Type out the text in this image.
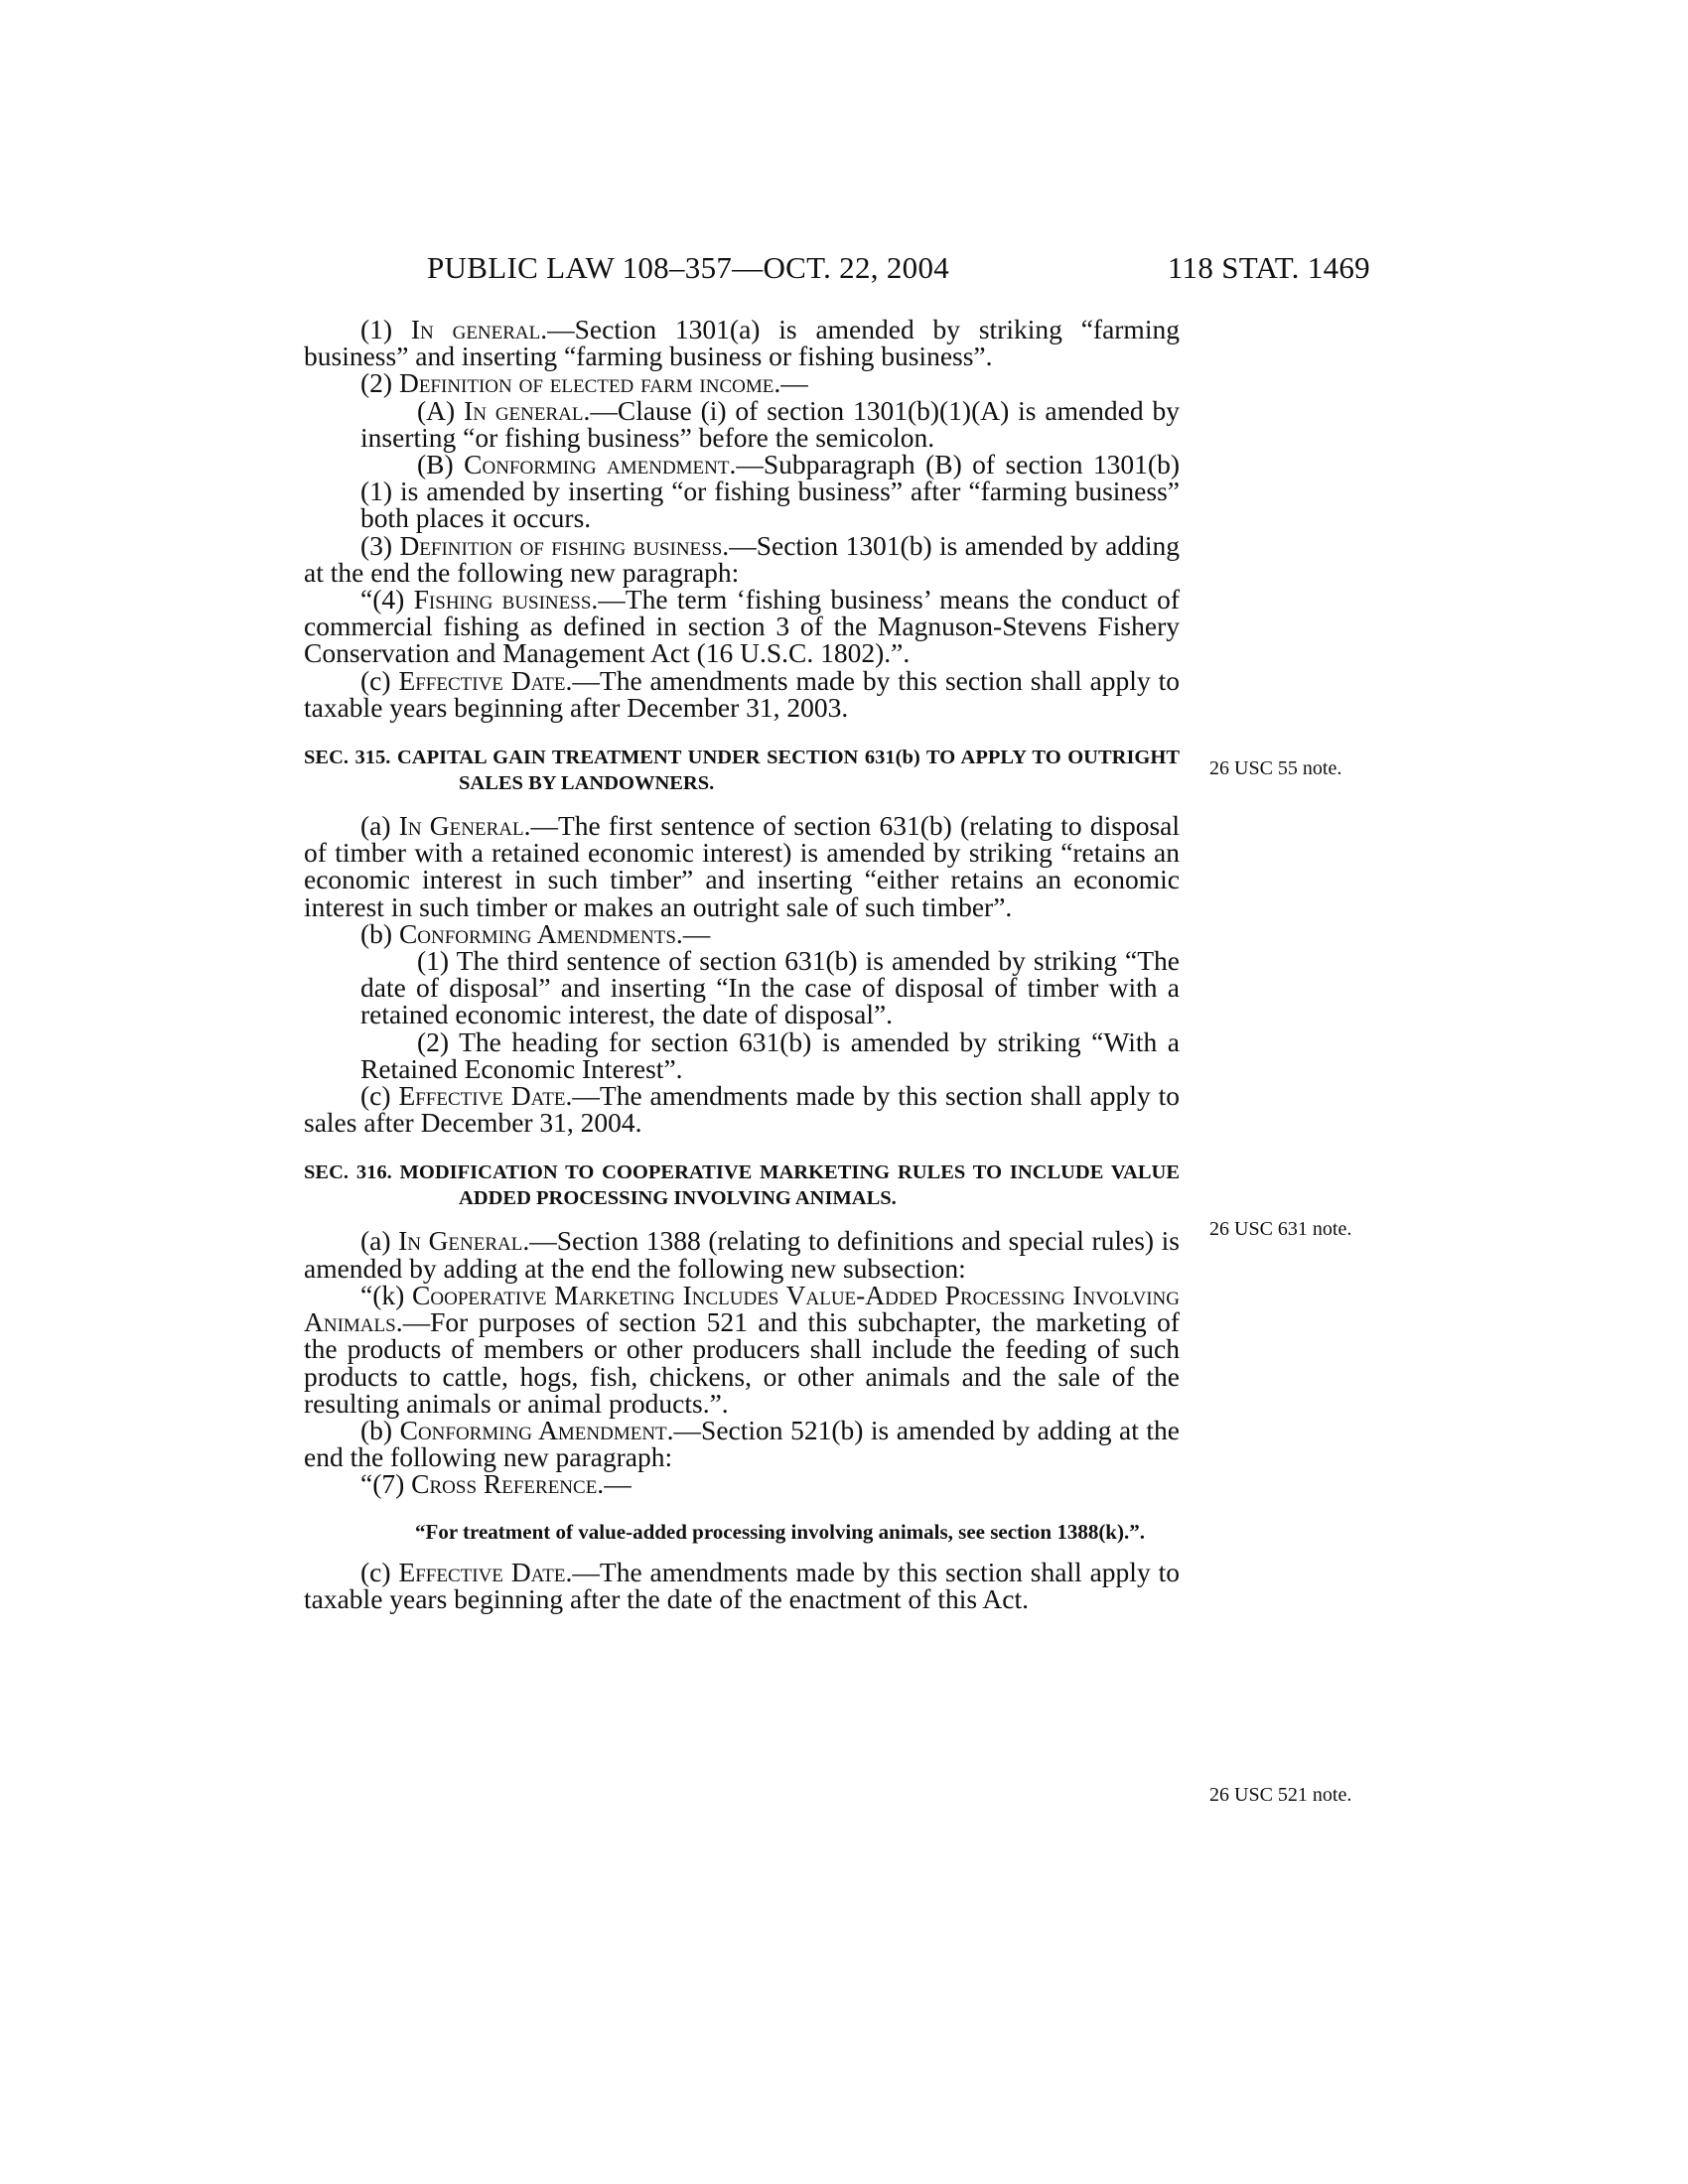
PUBLIC LAW 108–357—OCT. 22, 2004	118 STAT. 1469

(1) In general.—Section 1301(a) is amended by striking “farming business” and inserting “farming business or fishing business”.

(2) Definition of elected farm income.—

(A) In general.—Clause (i) of section 1301(b)(1)(A) is amended by inserting “or fishing business” before the semicolon.

(B) Conforming amendment.—Subparagraph (B) of section 1301(b)(1) is amended by inserting “or fishing business” after “farming business” both places it occurs.

(3) Definition of fishing business.—Section 1301(b) is amended by adding at the end the following new paragraph:

“(4) Fishing business.—The term ‘fishing business’ means the conduct of commercial fishing as defined in section 3 of the Magnuson-Stevens Fishery Conservation and Management Act (16 U.S.C. 1802).”.

(c) Effective Date.—The amendments made by this section shall apply to taxable years beginning after December 31, 2003.

SEC. 315. CAPITAL GAIN TREATMENT UNDER SECTION 631(b) TO APPLY TO OUTRIGHT SALES BY LANDOWNERS.

(a) In General.—The first sentence of section 631(b) (relating to disposal of timber with a retained economic interest) is amended by striking “retains an economic interest in such timber” and inserting “either retains an economic interest in such timber or makes an outright sale of such timber”.

(b) Conforming Amendments.—

(1) The third sentence of section 631(b) is amended by striking “The date of disposal” and inserting “In the case of disposal of timber with a retained economic interest, the date of disposal”.

(2) The heading for section 631(b) is amended by striking “With a Retained Economic Interest”.

(c) Effective Date.—The amendments made by this section shall apply to sales after December 31, 2004.

SEC. 316. MODIFICATION TO COOPERATIVE MARKETING RULES TO INCLUDE VALUE ADDED PROCESSING INVOLVING ANIMALS.

(a) In General.—Section 1388 (relating to definitions and special rules) is amended by adding at the end the following new subsection:

“(k) Cooperative Marketing Includes Value-Added Processing Involving Animals.—For purposes of section 521 and this subchapter, the marketing of the products of members or other producers shall include the feeding of such products to cattle, hogs, fish, chickens, or other animals and the sale of the resulting animals or animal products.”.

(b) Conforming Amendment.—Section 521(b) is amended by adding at the end the following new paragraph:

“(7) Cross Reference.—

“For treatment of value-added processing involving animals, see section 1388(k).”.

(c) Effective Date.—The amendments made by this section shall apply to taxable years beginning after the date of the enactment of this Act.

26 USC 55 note.
26 USC 631 note.
26 USC 521 note.
